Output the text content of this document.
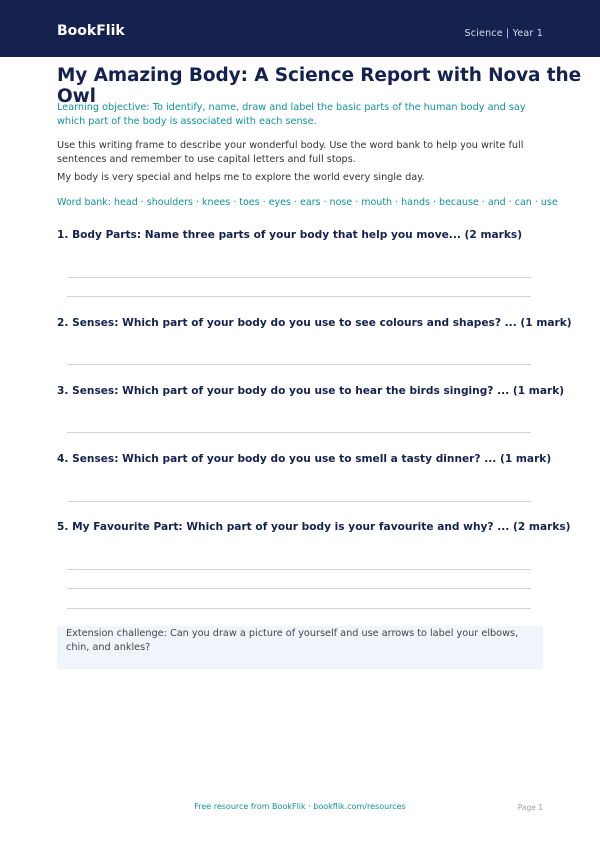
BookFlik	Science | Year 1
My Amazing Body: A Science Report with Nova the Owl
Learning objective: To identify, name, draw and label the basic parts of the human body and say which part of the body is associated with each sense.
Use this writing frame to describe your wonderful body. Use the word bank to help you write full sentences and remember to use capital letters and full stops.
My body is very special and helps me to explore the world every single day.
Word bank: head · shoulders · knees · toes · eyes · ears · nose · mouth · hands · because · and · can · use
1. Body Parts: Name three parts of your body that help you move... (2 marks)
2. Senses: Which part of your body do you use to see colours and shapes? ... (1 mark)
3. Senses: Which part of your body do you use to hear the birds singing? ... (1 mark)
4. Senses: Which part of your body do you use to smell a tasty dinner? ... (1 mark)
5. My Favourite Part: Which part of your body is your favourite and why? ... (2 marks)
Extension challenge: Can you draw a picture of yourself and use arrows to label your elbows, chin, and ankles?
Free resource from BookFlik · bookflik.com/resources	Page 1
